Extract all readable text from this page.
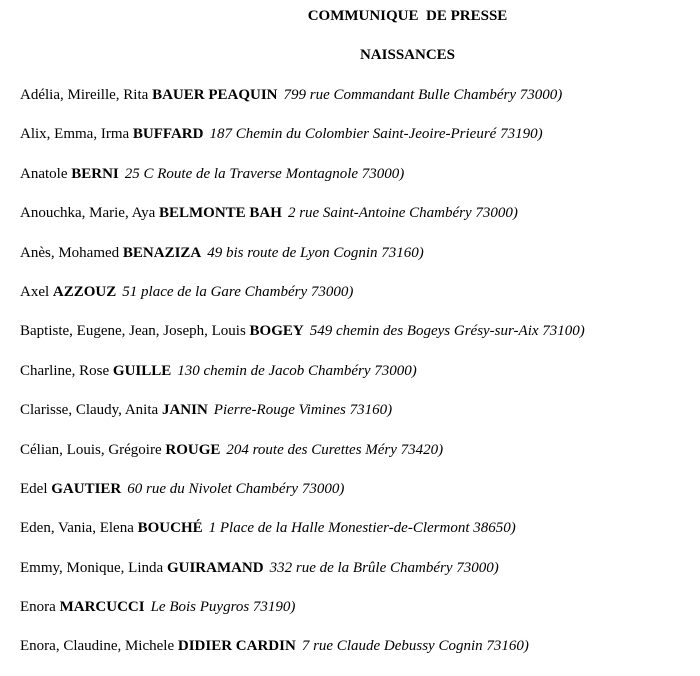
COMMUNIQUE  DE PRESSE
NAISSANCES
Adélia, Mireille, Rita BAUER PEAQUIN 799 rue Commandant Bulle Chambéry 73000)
Alix, Emma, Irma BUFFARD 187 Chemin du Colombier Saint-Jeoire-Prieuré 73190)
Anatole BERNI 25 C Route de la Traverse Montagnole 73000)
Anouchka, Marie, Aya BELMONTE BAH 2 rue Saint-Antoine Chambéry 73000)
Anès, Mohamed BENAZIZA 49 bis route de Lyon Cognin 73160)
Axel AZZOUZ 51 place de la Gare Chambéry 73000)
Baptiste, Eugene, Jean, Joseph, Louis BOGEY 549 chemin des Bogeys Grésy-sur-Aix 73100)
Charline, Rose GUILLE 130 chemin de Jacob Chambéry 73000)
Clarisse, Claudy, Anita JANIN Pierre-Rouge Vimines 73160)
Célian, Louis, Grégoire ROUGE 204 route des Curettes Méry 73420)
Edel GAUTIER 60 rue du Nivolet Chambéry 73000)
Eden, Vania, Elena BOUCHÉ 1 Place de la Halle Monestier-de-Clermont 38650)
Emmy, Monique, Linda GUIRAMAND 332 rue de la Brûle Chambéry 73000)
Enora MARCUCCI Le Bois Puygros 73190)
Enora, Claudine, Michele DIDIER CARDIN 7 rue Claude Debussy Cognin 73160)
